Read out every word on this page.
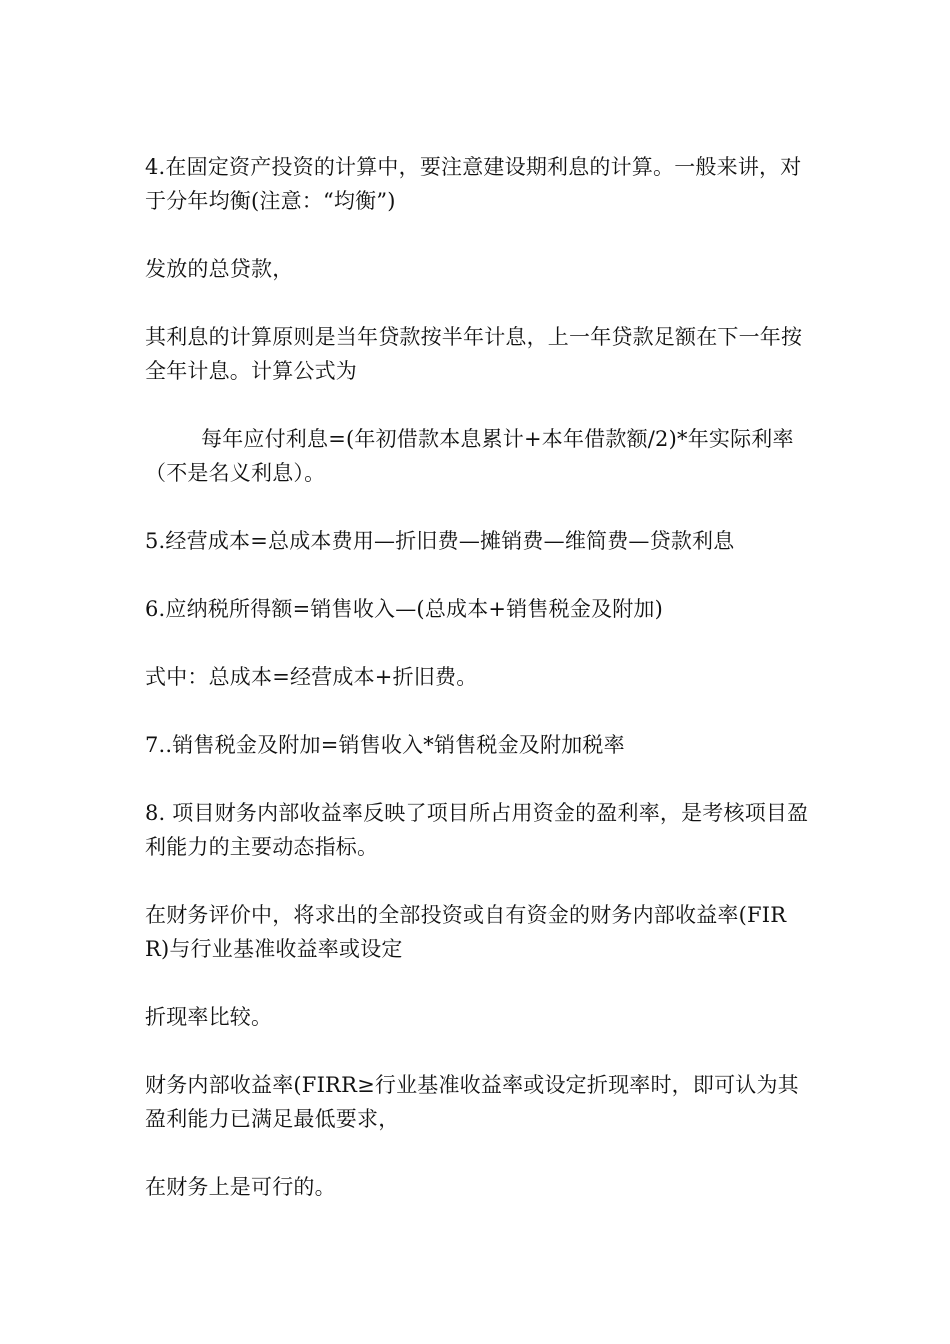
4.在固定资产投资的计算中，要注意建设期利息的计算。一般来讲，对于分年均衡(注意：“均衡”)

发放的总贷款，

其利息的计算原则是当年贷款按半年计息，上一年贷款足额在下一年按全年计息。计算公式为

每年应付利息=(年初借款本息累计+本年借款额/2)*年实际利率（不是名义利息）。

5.经营成本=总成本费用—折旧费—摊销费—维简费—贷款利息

6.应纳税所得额=销售收入—(总成本+销售税金及附加)

式中：总成本=经营成本+折旧费。

7..销售税金及附加=销售收入*销售税金及附加税率

8. 项目财务内部收益率反映了项目所占用资金的盈利率，是考核项目盈利能力的主要动态指标。

在财务评价中，将求出的全部投资或自有资金的财务内部收益率(FIRR)与行业基准收益率或设定

折现率比较。

财务内部收益率(FIRR≥行业基准收益率或设定折现率时，即可认为其盈利能力已满足最低要求，

在财务上是可行的。
